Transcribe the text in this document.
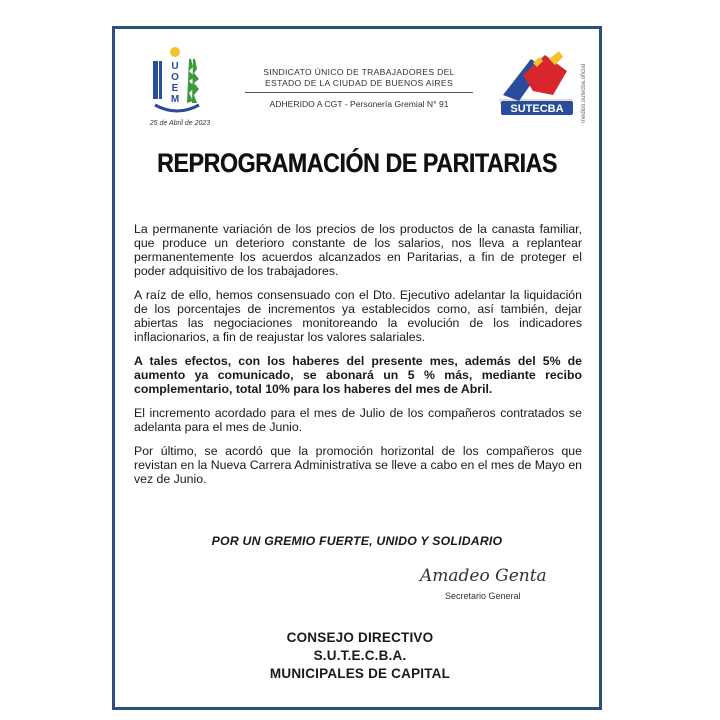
U
O
E
M
25 de Abril de 2023
SINDICATO ÚNICO DE TRABAJADORES DEL
ESTADO DE LA CIUDAD DE BUENOS AIRES
ADHERIDO A CGT - Personería Gremial N° 91	SUTECBA	medios.sutecba.oficial
REPROGRAMACIÓN DE PARITARIAS

La permanente variación de los precios de los productos de la canasta familiar, que produce un deterioro constante de los salarios, nos lleva a replantear permanentemente los acuerdos alcanzados en Paritarias, a fin de proteger el poder adquisitivo de los trabajadores.

A raíz de ello, hemos consensuado con el Dto. Ejecutivo adelantar la liquidación de los porcentajes de incrementos ya establecidos como, así también, dejar abiertas las negociaciones monitoreando la evolución de los indicadores inflacionarios, a fin de reajustar los valores salariales.

A tales efectos, con los haberes del presente mes, además del 5% de aumento ya comunicado, se abonará un 5 % más, mediante recibo complementario, total 10% para los haberes del mes de Abril.

El incremento acordado para el mes de Julio de los compañeros contratados se adelanta para el mes de Junio.

Por último, se acordó que la promoción horizontal de los compañeros que revistan en la Nueva Carrera Administrativa se lleve a cabo en el mes de Mayo en vez de Junio.

POR UN GREMIO FUERTE, UNIDO Y SOLIDARIO
Amadeo Genta
Secretario General
CONSEJO DIRECTIVO
S.U.T.E.C.B.A.
MUNICIPALES DE CAPITAL
